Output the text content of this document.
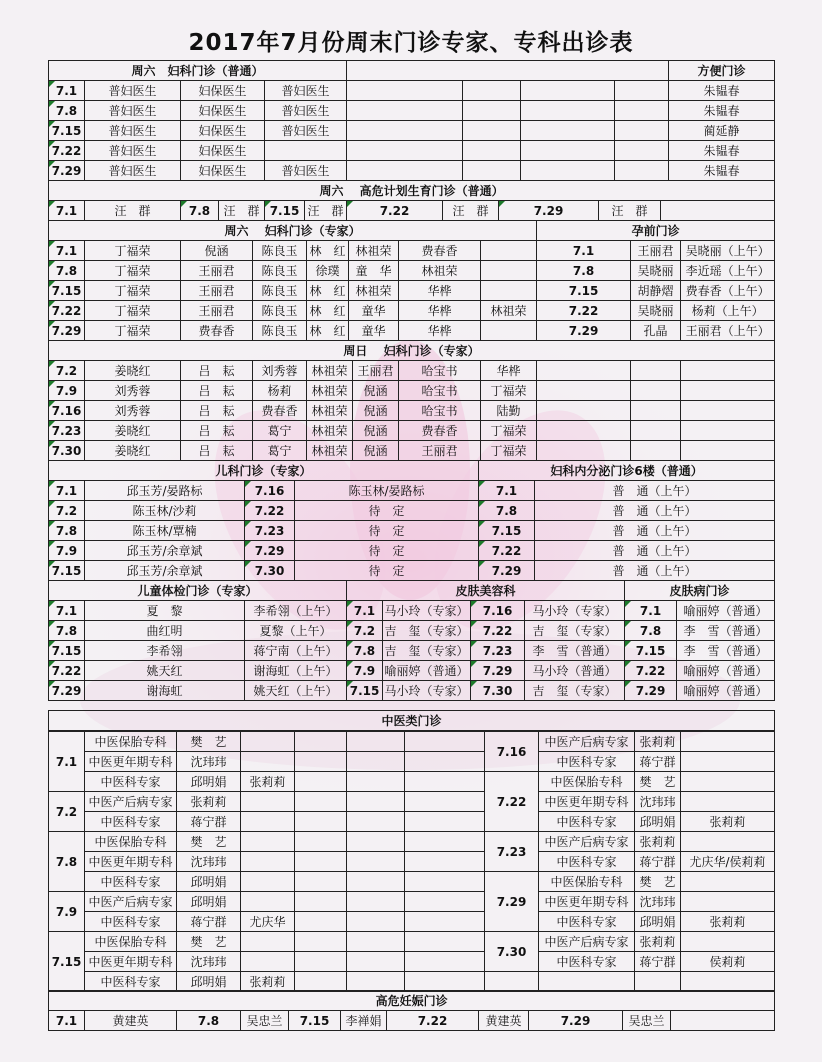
2017年7月份周末门诊专家、专科出诊表
周六　妇科门诊（普通）								方便门诊
7.1	普妇医生	妇保医生	普妇医生					朱韫春
7.8	普妇医生	妇保医生	普妇医生					朱韫春
7.15	普妇医生	妇保医生	普妇医生					蔺延静
7.22	普妇医生	妇保医生						朱韫春
7.29	普妇医生	妇保医生	普妇医生					朱韫春
周六　 高危计划生育门诊（普通）
7.1	汪　群	7.8	汪　群	7.15	汪　群	7.22	汪　群	7.29	汪　群	
周六　 妇科门诊（专家）								孕前门诊		
7.1	丁福荣	倪涵	陈良玉	林　红	林祖荣	费春香		7.1	王丽君	吴晓丽（上午）
7.8	丁福荣	王丽君	陈良玉	徐璞	童　华	林祖荣		7.8	吴晓丽	李近瑶（上午）
7.15	丁福荣	王丽君	陈良玉	林　红	林祖荣	华桦		7.15	胡静熠	费春香（上午）
7.22	丁福荣	王丽君	陈良玉	林　红	童华	华桦	林祖荣	7.22	吴晓丽	杨莉（上午）
7.29	丁福荣	费春香	陈良玉	林　红	童华	华桦		7.29	孔晶	王丽君（上午）
周日　 妇科门诊（专家）										
7.2	姜晓红	吕　耘	刘秀蓉	林祖荣	王丽君	哈宝书	华桦			
7.9	刘秀蓉	吕　耘	杨莉	林祖荣	倪涵	哈宝书	丁福荣			
7.16	刘秀蓉	吕　耘	费春香	林祖荣	倪涵	哈宝书	陆勤			
7.23	姜晓红	吕　耘	葛宁	林祖荣	倪涵	费春香	丁福荣			
7.30	姜晓红	吕　耘	葛宁	林祖荣	倪涵	王丽君	丁福荣			
儿科门诊（专家）				妇科内分泌门诊6楼（普通）	
7.1	邱玉芳/晏路标	7.16	陈玉林/晏路标	7.1	普　通（上午）
7.2	陈玉林/沙莉	7.22	待　定	7.8	普　通（上午）
7.8	陈玉林/覃楠	7.23	待　定	7.15	普　通（上午）
7.9	邱玉芳/余章斌	7.29	待　定	7.22	普　通（上午）
7.15	邱玉芳/余章斌	7.30	待　定	7.29	普　通（上午）
儿童体检门诊（专家）			皮肤美容科				皮肤病门诊	
7.1	夏　黎	李希翎（上午）	7.1	马小玲（专家）	7.16	马小玲（专家）	7.1	喻丽婷（普通）
7.8	曲红明	夏黎（上午）	7.2	吉　玺（专家）	7.22	吉　玺（专家）	7.8	李　雪（普通）
7.15	李希翎	蒋宁南（上午）	7.8	吉　玺（专家）	7.23	李　雪（普通）	7.15	李　雪（普通）
7.22	姚天红	谢海虹（上午）	7.9	喻丽婷（普通）	7.29	马小玲（普通）	7.22	喻丽婷（普通）
7.29	谢海虹	姚天红（上午）	7.15	马小玲（专家）	7.30	吉　玺（专家）	7.29	喻丽婷（普通）
中医类门诊										

7.1	中医保胎专科	樊　艺					7.16	中医产后病专家	张莉莉	
	中医更年期专科	沈玮玮						中医科专家	蒋宁群	
	中医科专家	邱明娟	张莉莉				7.22	中医保胎专科	樊　艺	
7.2	中医产后病专家	张莉莉						中医更年期专科	沈玮玮	
	中医科专家	蒋宁群						中医科专家	邱明娟	张莉莉
7.8	中医保胎专科	樊　艺					7.23	中医产后病专家	张莉莉	
	中医更年期专科	沈玮玮						中医科专家	蒋宁群	尤庆华/侯莉莉
	中医科专家	邱明娟					7.29	中医保胎专科	樊　艺	
7.9	中医产后病专家	邱明娟						中医更年期专科	沈玮玮	
	中医科专家	蒋宁群	尤庆华					中医科专家	邱明娟	张莉莉
7.15	中医保胎专科	樊　艺					7.30	中医产后病专家	张莉莉	
	中医更年期专科	沈玮玮						中医科专家	蒋宁群	侯莉莉
	中医科专家	邱明娟	张莉莉							
高危妊娠门诊
7.1	黄建英	7.8	吴忠兰	7.15	李禅娟	7.22	黄建英	7.29	吴忠兰	
